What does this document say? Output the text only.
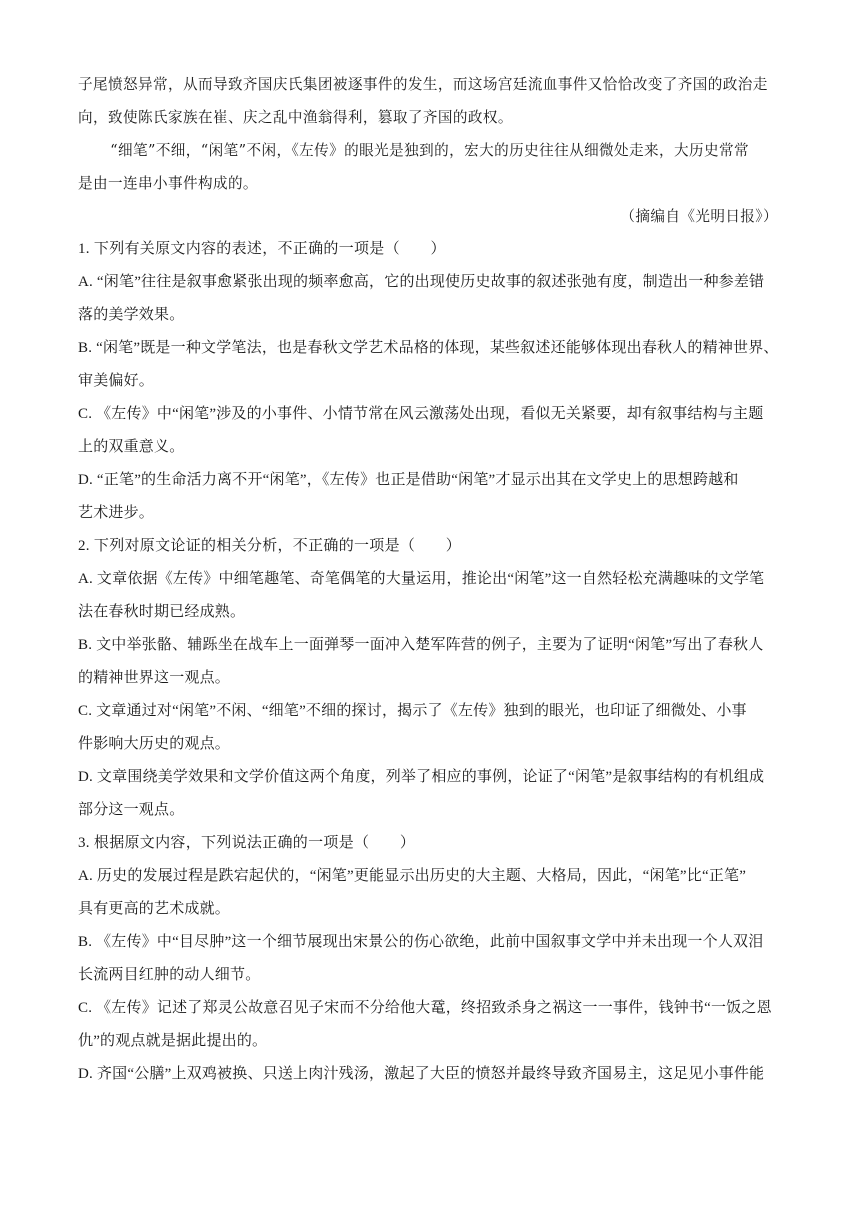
子尾愤怒异常，从而导致齐国庆氏集团被逐事件的发生，而这场宫廷流血事件又恰恰改变了齐国的政治走

向，致使陈氏家族在崔、庆之乱中渔翁得利，篡取了齐国的政权。

“细笔”不细，“闲笔”不闲，《左传》的眼光是独到的，宏大的历史往往从细微处走来，大历史常常

是由一连串小事件构成的。

（摘编自《光明日报》）

1. 下列有关原文内容的表述，不正确的一项是（　　）

A. “闲笔”往往是叙事愈紧张出现的频率愈高，它的出现使历史故事的叙述张弛有度，制造出一种参差错

落的美学效果。

B. “闲笔”既是一种文学笔法，也是春秋文学艺术品格的体现，某些叙述还能够体现出春秋人的精神世界、

审美偏好。

C. 《左传》中“闲笔”涉及的小事件、小情节常在风云激荡处出现，看似无关紧要，却有叙事结构与主题

上的双重意义。

D. “正笔”的生命活力离不开“闲笔”，《左传》也正是借助“闲笔”才显示出其在文学史上的思想跨越和

艺术进步。

2. 下列对原文论证的相关分析，不正确的一项是（　　）

A. 文章依据《左传》中细笔趣笔、奇笔偶笔的大量运用，推论出“闲笔”这一自然轻松充满趣味的文学笔

法在春秋时期已经成熟。

B. 文中举张骼、辅跞坐在战车上一面弹琴一面冲入楚军阵营的例子，主要为了证明“闲笔”写出了春秋人

的精神世界这一观点。

C. 文章通过对“闲笔”不闲、“细笔”不细的探讨，揭示了《左传》独到的眼光，也印证了细微处、小事

件影响大历史的观点。

D. 文章围绕美学效果和文学价值这两个角度，列举了相应的事例，论证了“闲笔”是叙事结构的有机组成

部分这一观点。

3. 根据原文内容，下列说法正确的一项是（　　）

A. 历史的发展过程是跌宕起伏的，“闲笔”更能显示出历史的大主题、大格局，因此，“闲笔”比“正笔”

具有更高的艺术成就。

B. 《左传》中“目尽肿”这一个细节展现出宋景公的伤心欲绝，此前中国叙事文学中并未出现一个人双泪

长流两目红肿的动人细节。

C. 《左传》记述了郑灵公故意召见子宋而不分给他大鼋，终招致杀身之祸这一一事件，钱钟书“一饭之恩

仇”的观点就是据此提出的。

D. 齐国“公膳”上双鸡被换、只送上肉汁残汤，激起了大臣的愤怒并最终导致齐国易主，这足见小事件能
